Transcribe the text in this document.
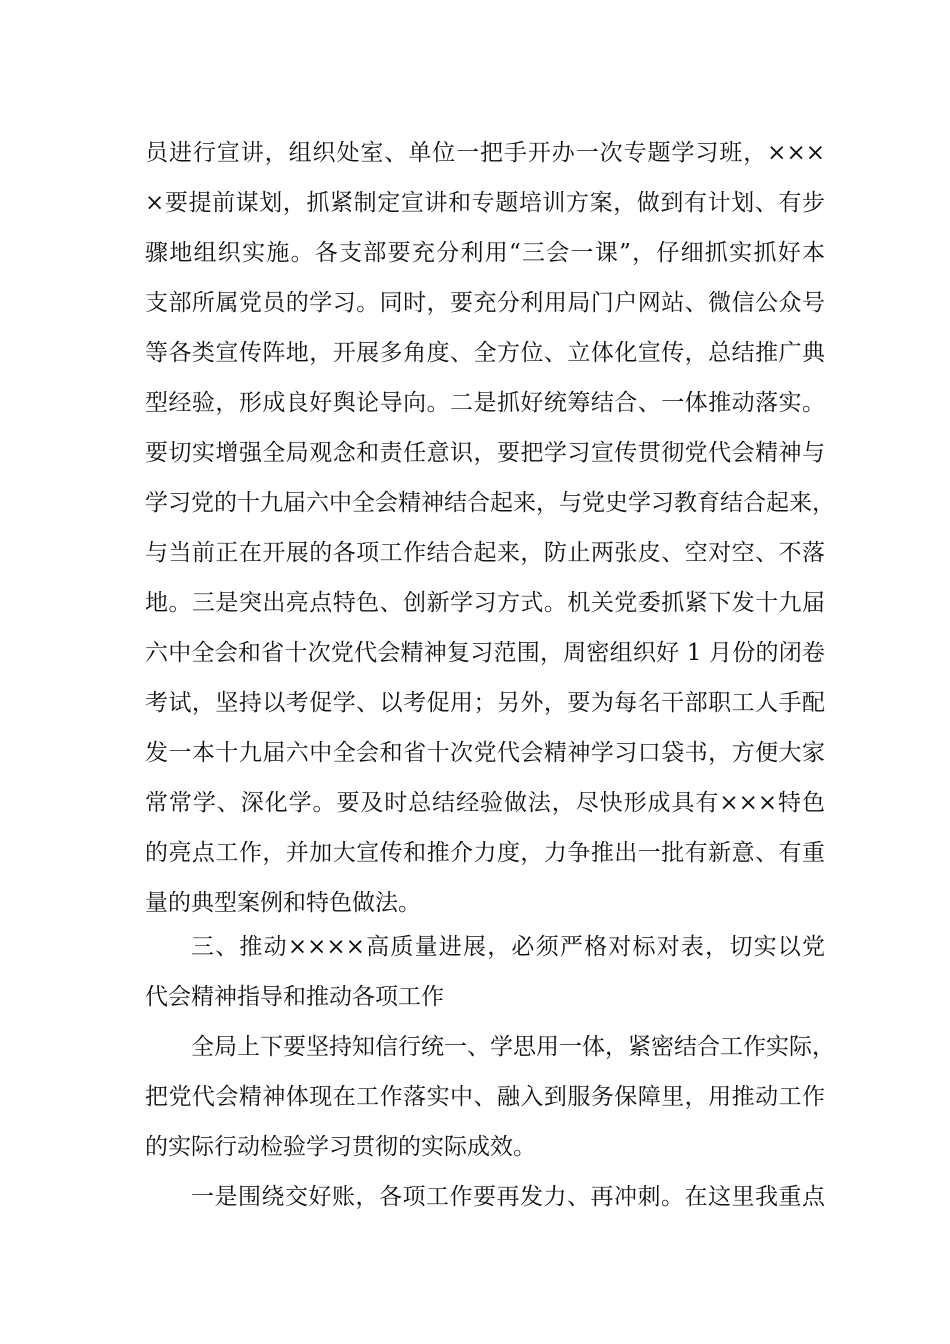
员进行宣讲，组织处室、单位一把手开办一次专题学习班，×××
×要提前谋划，抓紧制定宣讲和专题培训方案，做到有计划、有步
骤地组织实施。各支部要充分利用“三会一课”，仔细抓实抓好本
支部所属党员的学习。同时，要充分利用局门户网站、微信公众号
等各类宣传阵地，开展多角度、全方位、立体化宣传，总结推广典
型经验，形成良好舆论导向。二是抓好统筹结合、一体推动落实。
要切实增强全局观念和责任意识，要把学习宣传贯彻党代会精神与
学习党的十九届六中全会精神结合起来，与党史学习教育结合起来，
与当前正在开展的各项工作结合起来，防止两张皮、空对空、不落
地。三是突出亮点特色、创新学习方式。机关党委抓紧下发十九届
六中全会和省十次党代会精神复习范围，周密组织好 1 月份的闭卷
考试，坚持以考促学、以考促用；另外，要为每名干部职工人手配
发一本十九届六中全会和省十次党代会精神学习口袋书，方便大家
常常学、深化学。要及时总结经验做法，尽快形成具有×××特色
的亮点工作，并加大宣传和推介力度，力争推出一批有新意、有重
量的典型案例和特色做法。
三、推动××××高质量进展，必须严格对标对表，切实以党
代会精神指导和推动各项工作
全局上下要坚持知信行统一、学思用一体，紧密结合工作实际，
把党代会精神体现在工作落实中、融入到服务保障里，用推动工作
的实际行动检验学习贯彻的实际成效。
一是围绕交好账，各项工作要再发力、再冲刺。在这里我重点
